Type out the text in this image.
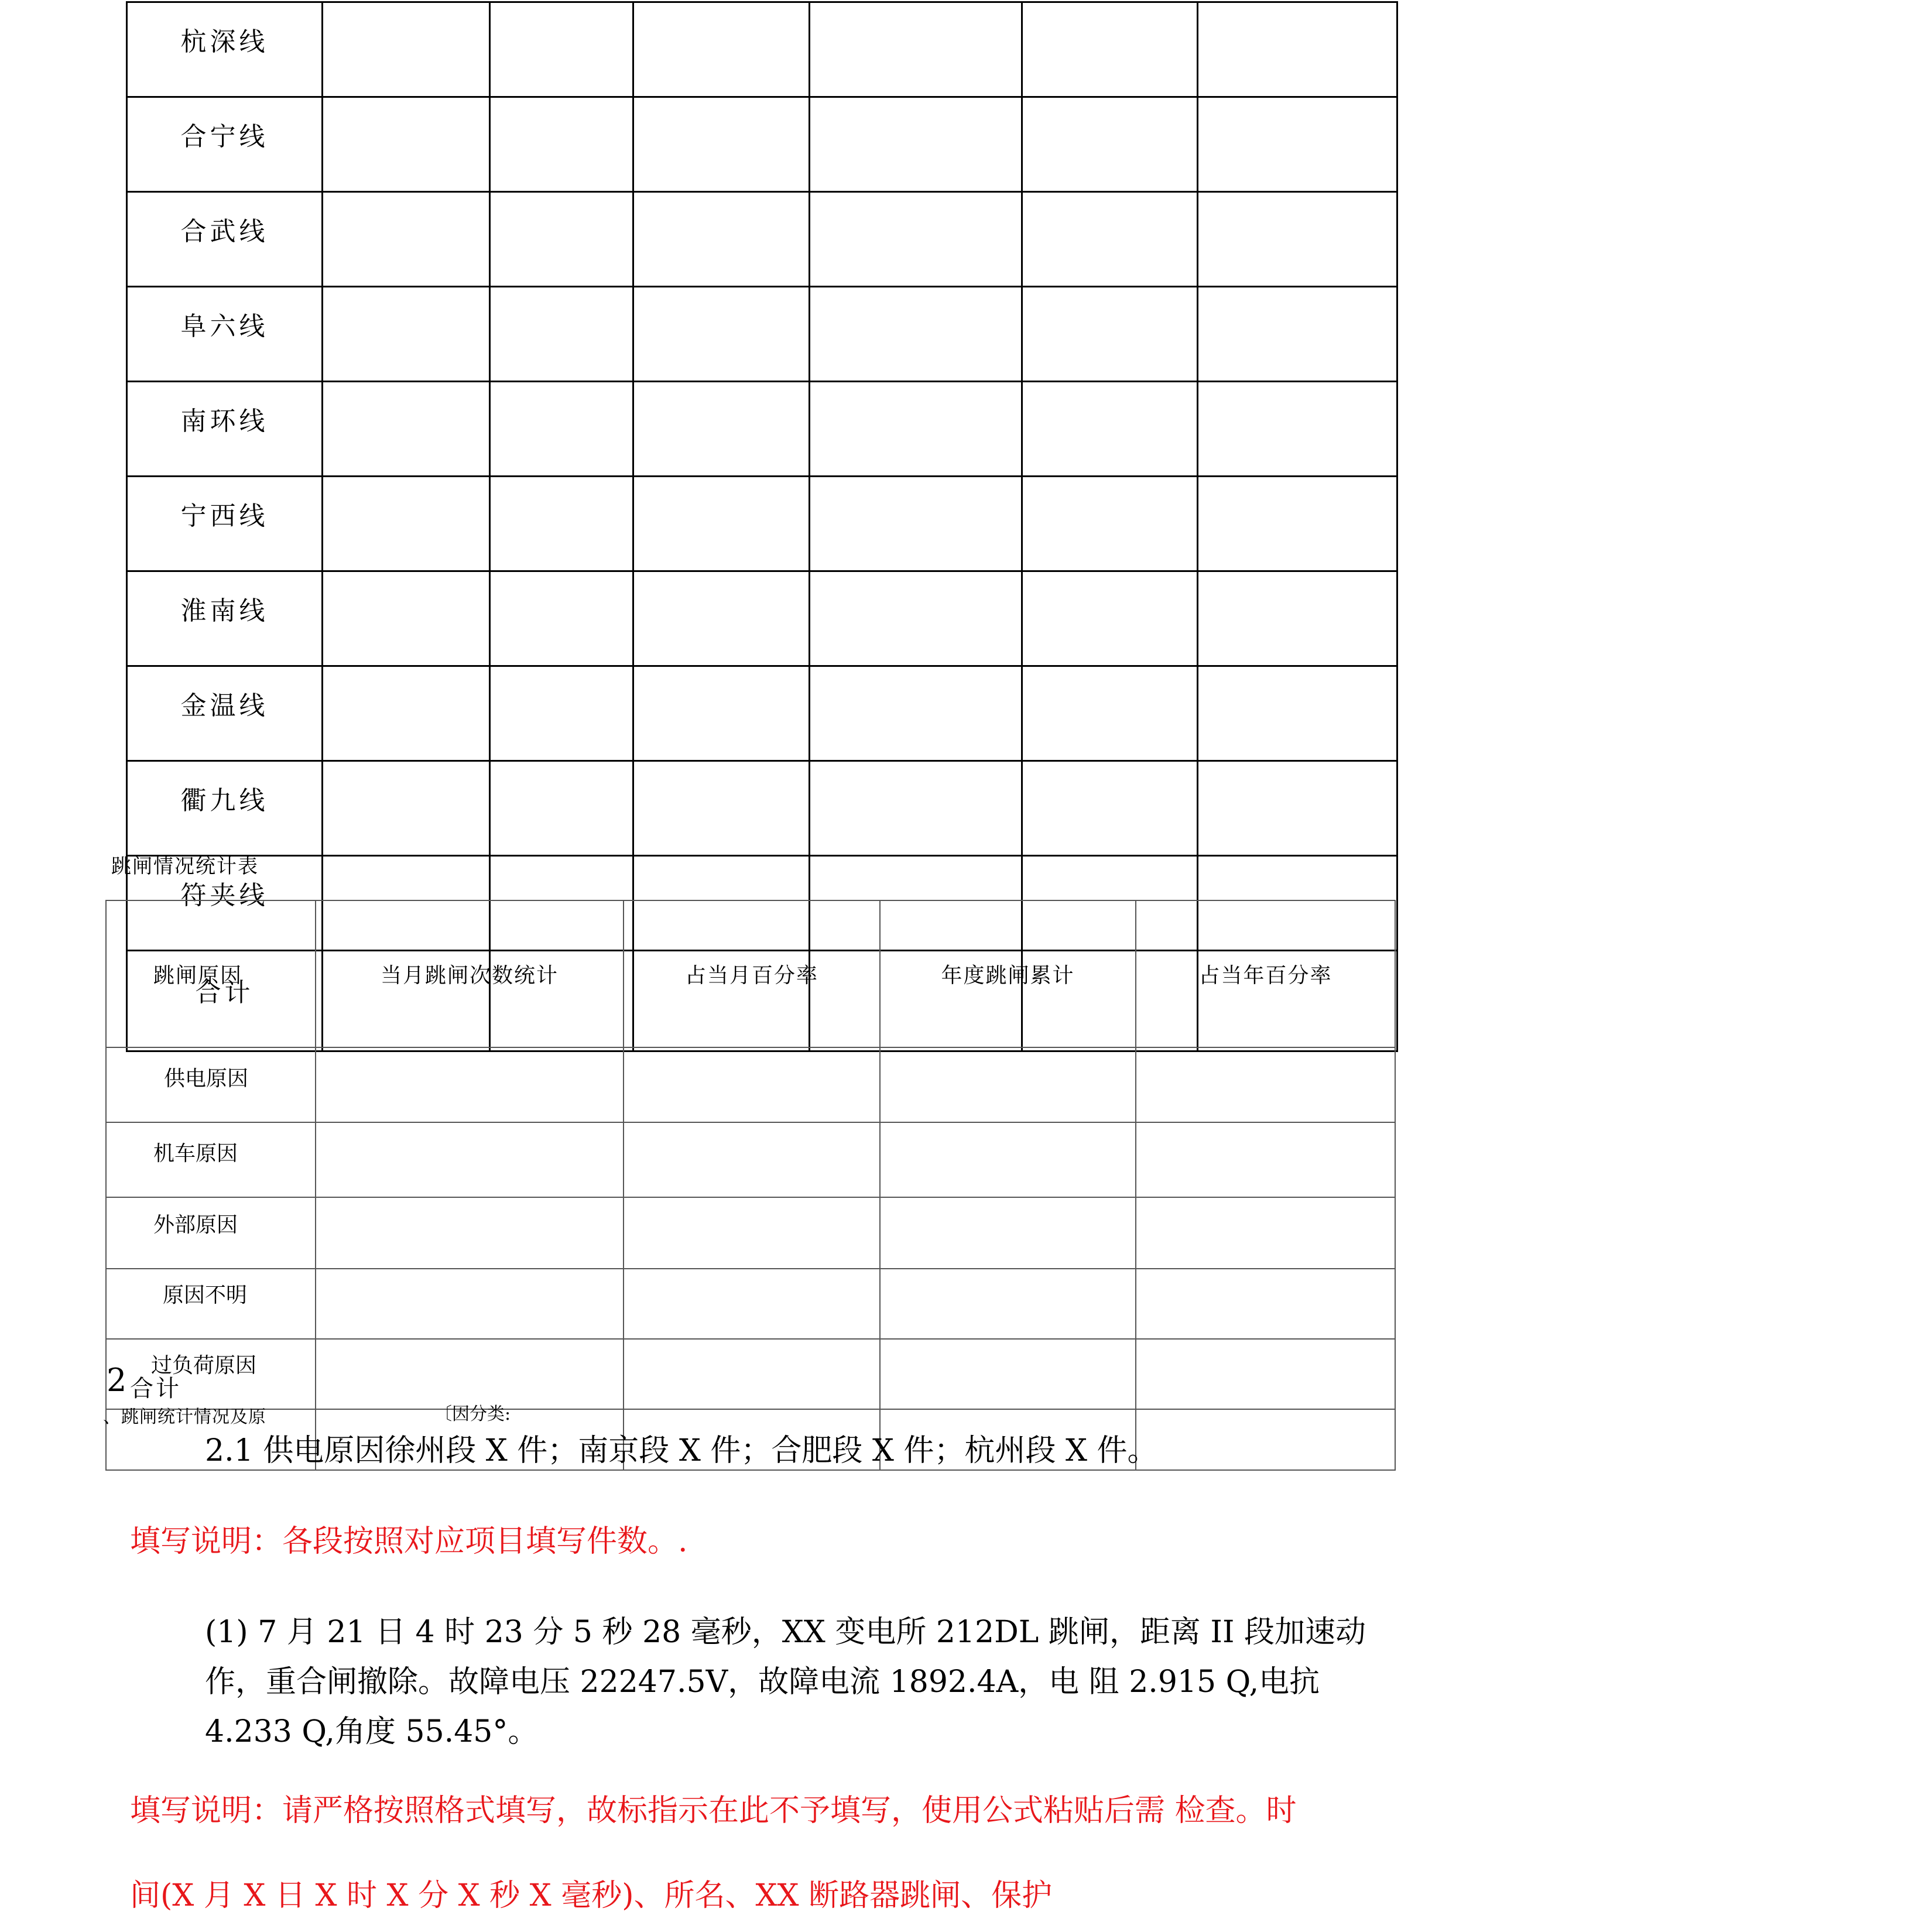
杭深线						
合宁线						
合武线						
阜六线						
南环线						
宁西线						
淮南线						
金温线						
衢九线						
符夹线						
合计						
跳闸情况统计表
跳闸原因	当月跳闸次数统计	占当月百分率	年度跳闸累计	占当年百分率
供电原因				
机车原因				
外部原因				
原因不明				
过负荷原因				

2 合计
、跳闸统计情况及原	〔因分类:
2.1 供电原因徐州段 X 件；南京段 X 件；合肥段 X 件；杭州段 X 件。
填写说明：各段按照对应项目填写件数。.
(1) 7 月 21 日 4 时 23 分 5 秒 28 毫秒，XX 变电所 212DL 跳闸，距离 II 段加速动
作，重合闸撤除。故障电压 22247.5V，故障电流 1892.4A，电 阻 2.915 Q,电抗
4.233 Q,角度 55.45°。
填写说明：请严格按照格式填写，故标指示在此不予填写，使用公式粘贴后需 检查。时
间(X 月 X 日 X 时 X 分 X 秒 X 毫秒)、所名、XX 断路器跳闸、保护
